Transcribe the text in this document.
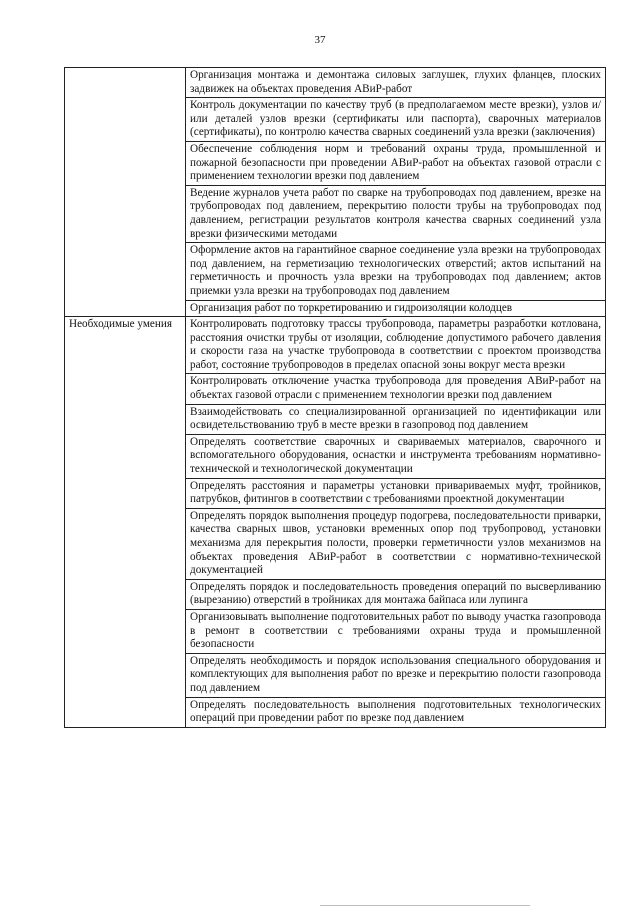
37
	Организация монтажа и демонтажа силовых заглушек, глухих фланцев, плоских задвижек на объектах проведения АВиР-работ
	Контроль документации по качеству труб (в предполагаемом месте врезки), узлов и/или деталей узлов врезки (сертификаты или паспорта), сварочных материалов (сертификаты), по контролю качества сварных соединений узла врезки (заключения)
	Обеспечение соблюдения норм и требований охраны труда, промышленной и пожарной безопасности при проведении АВиР-работ на объектах газовой отрасли с применением технологии врезки под давлением
	Ведение журналов учета работ по сварке на трубопроводах под давлением, врезке на трубопроводах под давлением, перекрытию полости трубы на трубопроводах под давлением, регистрации результатов контроля качества сварных соединений узла врезки физическими методами
	Оформление актов на гарантийное сварное соединение узла врезки на трубопроводах под давлением, на герметизацию технологических отверстий; актов испытаний на герметичность и прочность узла врезки на трубопроводах под давлением; актов приемки узла врезки на трубопроводах под давлением
	Организация работ по торкретированию и гидроизоляции колодцев
Необходимые умения	Контролировать подготовку трассы трубопровода, параметры разработки котлована, расстояния очистки трубы от изоляции, соблюдение допустимого рабочего давления и скорости газа на участке трубопровода в соответствии с проектом производства работ, состояние трубопроводов в пределах опасной зоны вокруг места врезки
	Контролировать отключение участка трубопровода для проведения АВиР-работ на объектах газовой отрасли с применением технологии врезки под давлением
	Взаимодействовать со специализированной организацией по идентификации или освидетельствованию труб в месте врезки в газопровод под давлением
	Определять соответствие сварочных и свариваемых материалов, сварочного и вспомогательного оборудования, оснастки и инструмента требованиям нормативно-технической и технологической документации
	Определять расстояния и параметры установки привариваемых муфт, тройников, патрубков, фитингов в соответствии с требованиями проектной документации
	Определять порядок выполнения процедур подогрева, последовательности приварки, качества сварных швов, установки временных опор под трубопровод, установки механизма для перекрытия полости, проверки герметичности узлов механизмов на объектах проведения АВиР-работ в соответствии с нормативно-технической документацией
	Определять порядок и последовательность проведения операций по высверливанию (вырезанию) отверстий в тройниках для монтажа байпаса или лупинга
	Организовывать выполнение подготовительных работ по выводу участка газопровода в ремонт в соответствии с требованиями охраны труда и промышленной безопасности
	Определять необходимость и порядок использования специального оборудования и комплектующих для выполнения работ по врезке и перекрытию полости газопровода под давлением
	Определять последовательность выполнения подготовительных технологических операций при проведении работ по врезке под давлением
